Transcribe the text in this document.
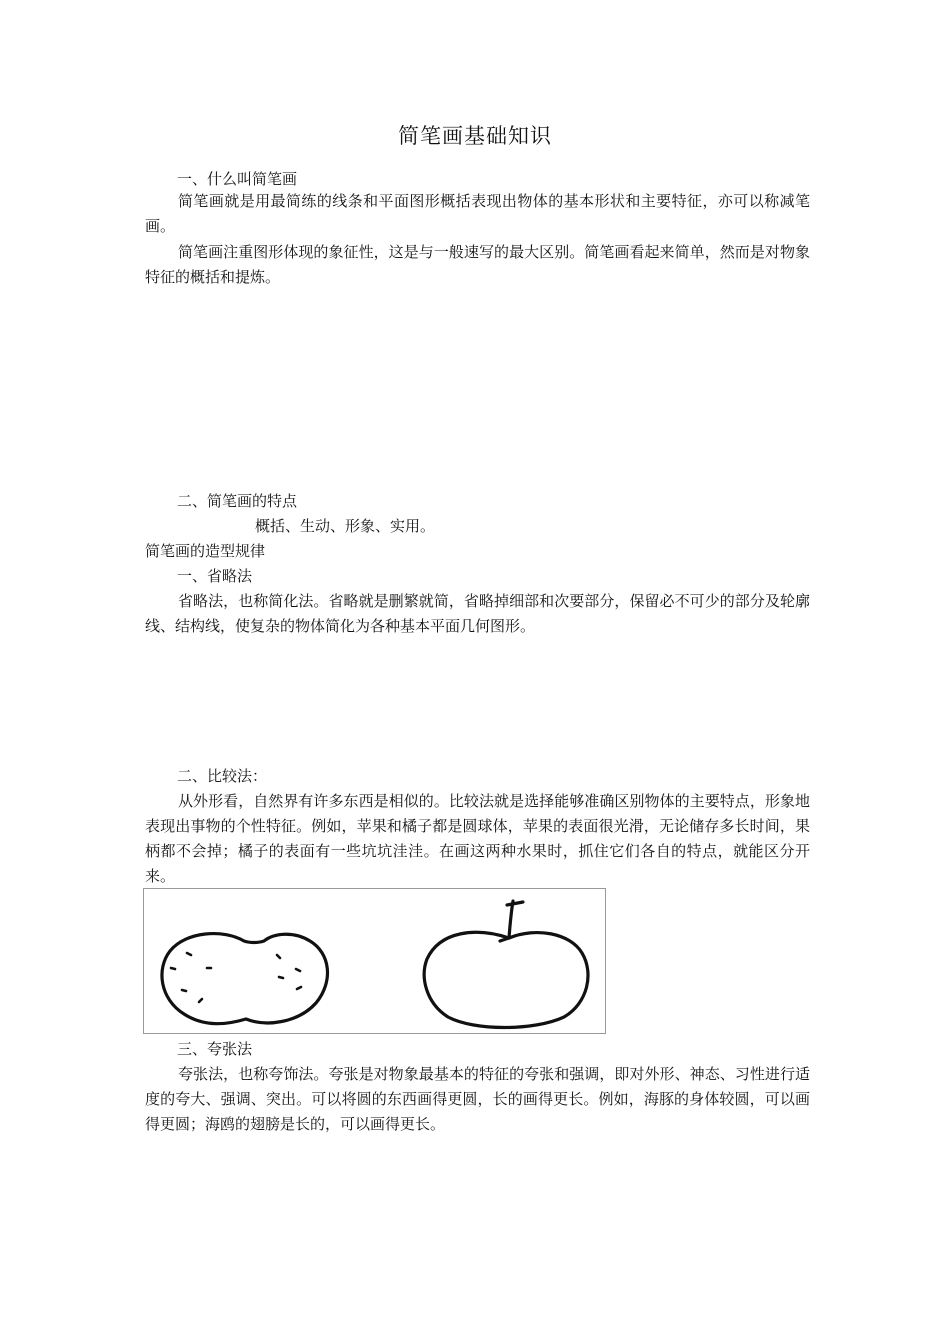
简笔画基础知识
一、什么叫简笔画
简笔画就是用最简练的线条和平面图形概括表现出物体的基本形状和主要特征，亦可以称减笔画。
简笔画注重图形体现的象征性，这是与一般速写的最大区别。简笔画看起来简单，然而是对物象特征的概括和提炼。
二、简笔画的特点
概括、生动、形象、实用。
简笔画的造型规律
一、省略法
省略法，也称简化法。省略就是删繁就简，省略掉细部和次要部分，保留必不可少的部分及轮廓线、结构线，使复杂的物体简化为各种基本平面几何图形。
二、比较法：
从外形看，自然界有许多东西是相似的。比较法就是选择能够准确区别物体的主要特点，形象地表现出事物的个性特征。例如，苹果和橘子都是圆球体，苹果的表面很光滑，无论储存多长时间，果柄都不会掉；橘子的表面有一些坑坑洼洼。在画这两种水果时，抓住它们各自的特点，就能区分开来。
三、夸张法
夸张法，也称夸饰法。夸张是对物象最基本的特征的夸张和强调，即对外形、神态、习性进行适度的夸大、强调、突出。可以将圆的东西画得更圆，长的画得更长。例如，海豚的身体较圆，可以画得更圆；海鸥的翅膀是长的，可以画得更长。
